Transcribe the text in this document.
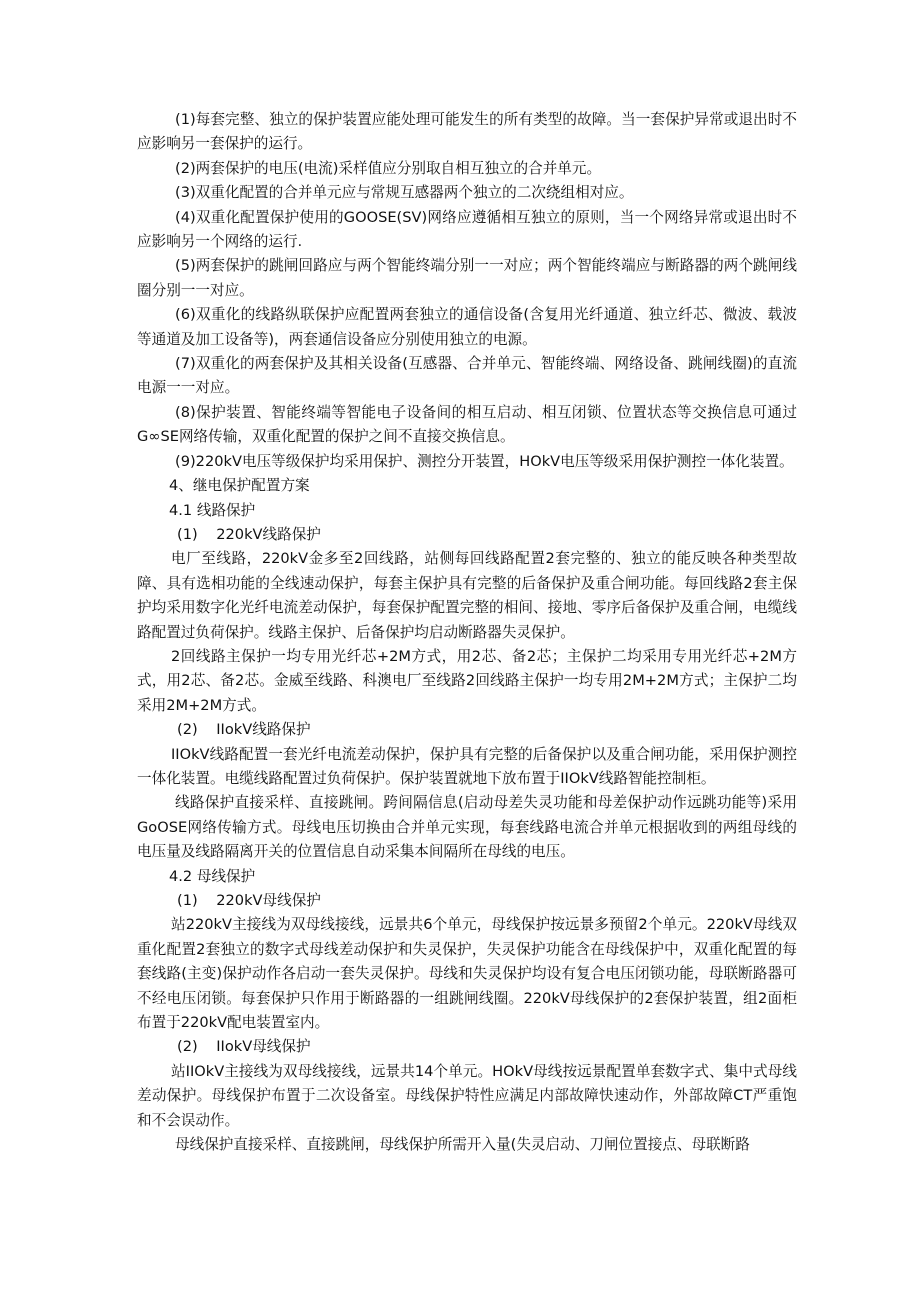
(1)每套完整、独立的保护装置应能处理可能发生的所有类型的故障。当一套保护异常或退出时不应影响另一套保护的运行。

(2)两套保护的电压(电流)采样值应分别取自相互独立的合并单元。

(3)双重化配置的合并单元应与常规互感器两个独立的二次绕组相对应。

(4)双重化配置保护使用的GOOSE(SV)网络应遵循相互独立的原则，当一个网络异常或退出时不应影响另一个网络的运行.

(5)两套保护的跳闸回路应与两个智能终端分别一一对应；两个智能终端应与断路器的两个跳闸线圈分别一一对应。

(6)双重化的线路纵联保护应配置两套独立的通信设备(含复用光纤通道、独立纤芯、微波、载波等通道及加工设备等)，两套通信设备应分别使用独立的电源。

(7)双重化的两套保护及其相关设备(互感器、合并单元、智能终端、网络设备、跳闸线圈)的直流电源一一对应。

(8)保护装置、智能终端等智能电子设备间的相互启动、相互闭锁、位置状态等交换信息可通过G∞SE网络传输，双重化配置的保护之间不直接交换信息。

(9)220kV电压等级保护均采用保护、测控分开装置，HOkV电压等级采用保护测控一体化装置。

4、继电保护配置方案

4.1 线路保护

(1)    220kV线路保护

电厂至线路，220kV金多至2回线路，站侧每回线路配置2套完整的、独立的能反映各种类型故障、具有选相功能的全线速动保护，每套主保护具有完整的后备保护及重合闸功能。每回线路2套主保护均采用数字化光纤电流差动保护，每套保护配置完整的相间、接地、零序后备保护及重合闸，电缆线路配置过负荷保护。线路主保护、后备保护均启动断路器失灵保护。

2回线路主保护一均专用光纤芯+2M方式，用2芯、备2芯；主保护二均采用专用光纤芯+2M方式，用2芯、备2芯。金威至线路、科澳电厂至线路2回线路主保护一均专用2M+2M方式；主保护二均采用2M+2M方式。

(2)    IIokV线路保护

IIOkV线路配置一套光纤电流差动保护，保护具有完整的后备保护以及重合闸功能，采用保护测控一体化装置。电缆线路配置过负荷保护。保护装置就地下放布置于IIOkV线路智能控制柜。

线路保护直接采样、直接跳闸。跨间隔信息(启动母差失灵功能和母差保护动作远跳功能等)采用GoOSE网络传输方式。母线电压切换由合并单元实现，每套线路电流合并单元根据收到的两组母线的电压量及线路隔离开关的位置信息自动采集本间隔所在母线的电压。

4.2 母线保护

(1)    220kV母线保护

站220kV主接线为双母线接线，远景共6个单元，母线保护按远景多预留2个单元。220kV母线双重化配置2套独立的数字式母线差动保护和失灵保护，失灵保护功能含在母线保护中，双重化配置的每套线路(主变)保护动作各启动一套失灵保护。母线和失灵保护均设有复合电压闭锁功能，母联断路器可不经电压闭锁。每套保护只作用于断路器的一组跳闸线圈。220kV母线保护的2套保护装置，组2面柜布置于220kV配电装置室内。

(2)    IIokV母线保护

站IIOkV主接线为双母线接线，远景共14个单元。HOkV母线按远景配置单套数字式、集中式母线差动保护。母线保护布置于二次设备室。母线保护特性应满足内部故障快速动作，外部故障CT严重饱和不会误动作。

母线保护直接采样、直接跳闸，母线保护所需开入量(失灵启动、刀闸位置接点、母联断路
